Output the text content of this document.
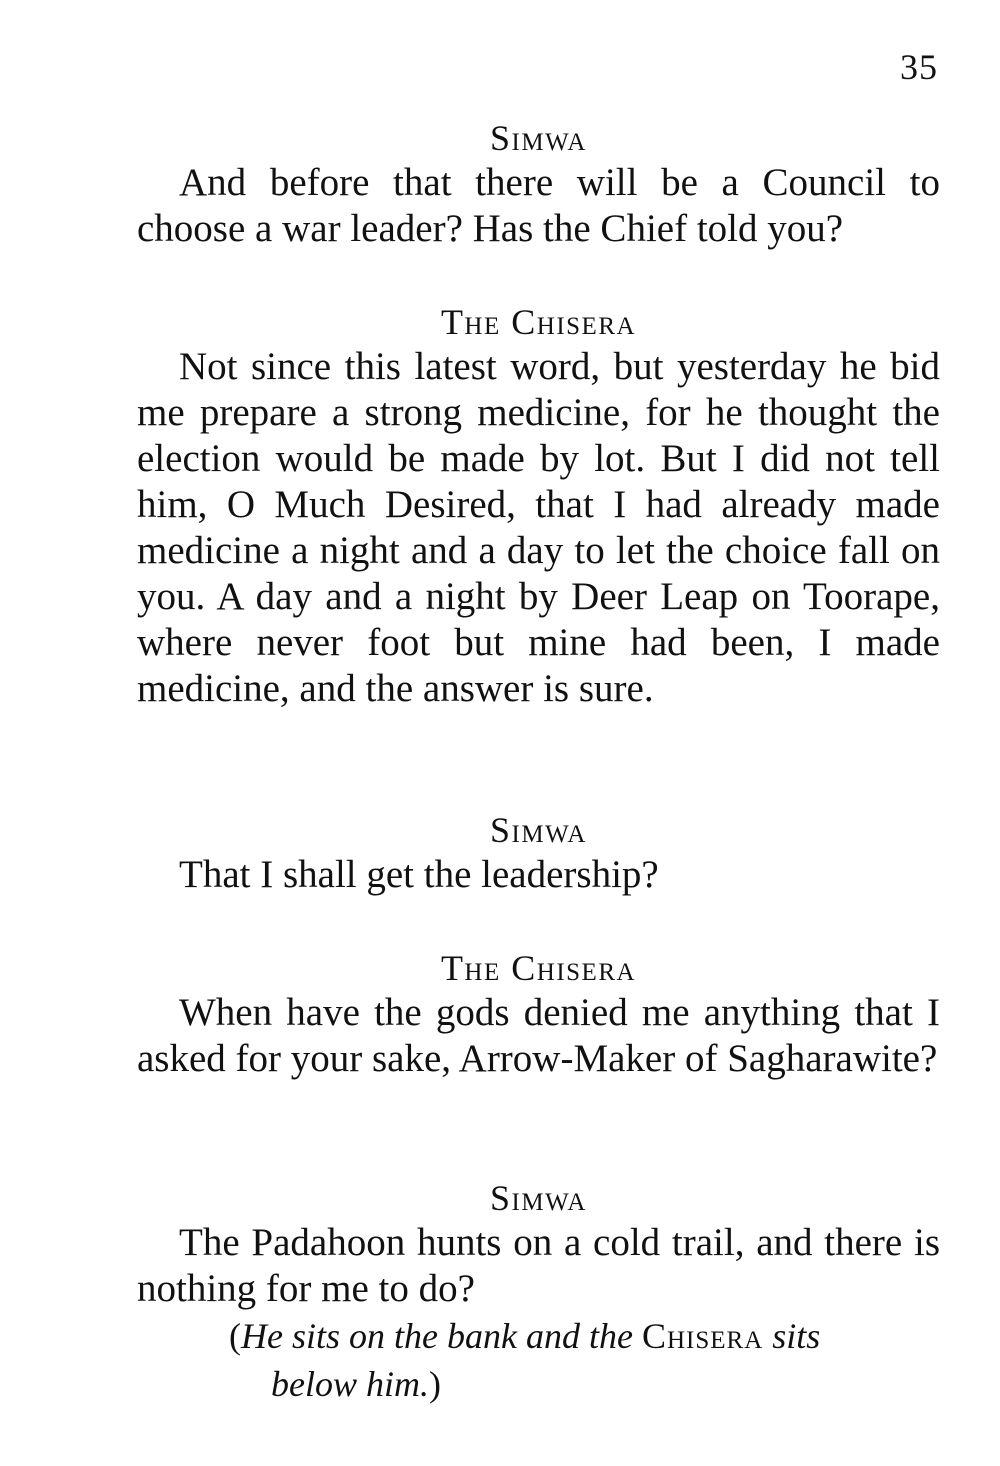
35

Simwa

And before that there will be a Council to choose a war leader? Has the Chief told you?

The Chisera

Not since this latest word, but yesterday he bid me prepare a strong medicine, for he thought the election would be made by lot. But I did not tell him, O Much Desired, that I had already made medicine a night and a day to let the choice fall on you. A day and a night by Deer Leap on Toorape, where never foot but mine had been, I made medicine, and the answer is sure.

Simwa

That I shall get the leadership?

The Chisera

When have the gods denied me anything that I asked for your sake, Arrow-Maker of Sagharawite?

Simwa

The Padahoon hunts on a cold trail, and there is nothing for me to do?

(He sits on the bank and the Chisera sits
below him.)
